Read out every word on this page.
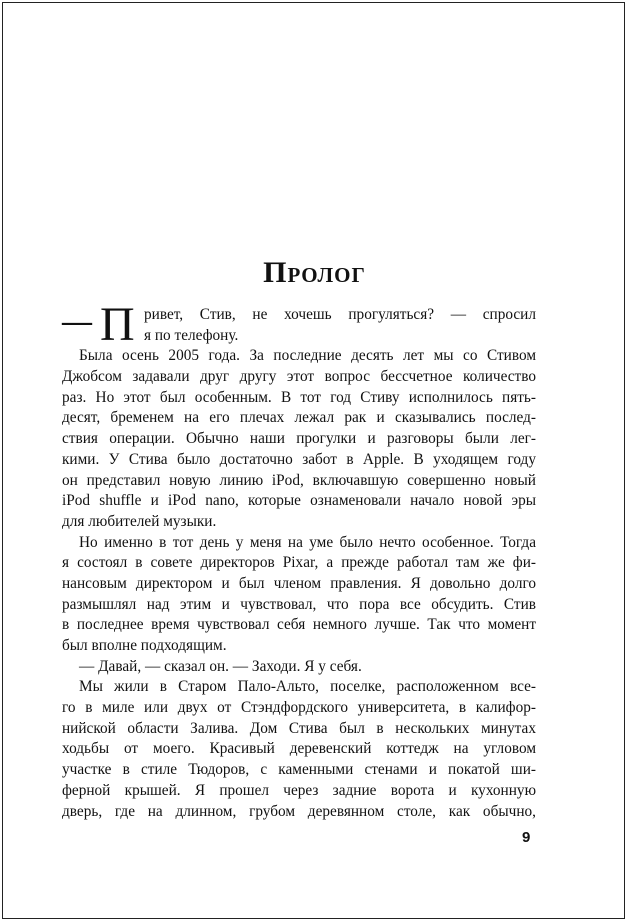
Пролог
— П ривет, Стив, не хочешь прогуляться? — спросил
я по телефону.
Была осень 2005 года. За последние десять лет мы со Стивом
Джобсом задавали друг другу этот вопрос бессчетное количество
раз. Но этот был особенным. В тот год Стиву исполнилось пять-
десят, бременем на его плечах лежал рак и сказывались послед-
ствия операции. Обычно наши прогулки и разговоры были лег-
кими. У Стива было достаточно забот в Apple. В уходящем году
он представил новую линию iPod, включавшую совершенно новый
iPod shuffle и iPod nano, которые ознаменовали начало новой эры
для любителей музыки.
Но именно в тот день у меня на уме было нечто особенное. Тогда
я состоял в совете директоров Pixar, а прежде работал там же фи-
нансовым директором и был членом правления. Я довольно долго
размышлял над этим и чувствовал, что пора все обсудить. Стив
в последнее время чувствовал себя немного лучше. Так что момент
был вполне подходящим.
— Давай, — сказал он. — Заходи. Я у себя.
Мы жили в Старом Пало-Альто, поселке, расположенном все-
го в миле или двух от Стэндфордского университета, в калифор-
нийской области Залива. Дом Стива был в нескольких минутах
ходьбы от моего. Красивый деревенский коттедж на угловом
участке в стиле Тюдоров, с каменными стенами и покатой ши-
ферной крышей. Я прошел через задние ворота и кухонную
дверь, где на длинном, грубом деревянном столе, как обычно,
9
